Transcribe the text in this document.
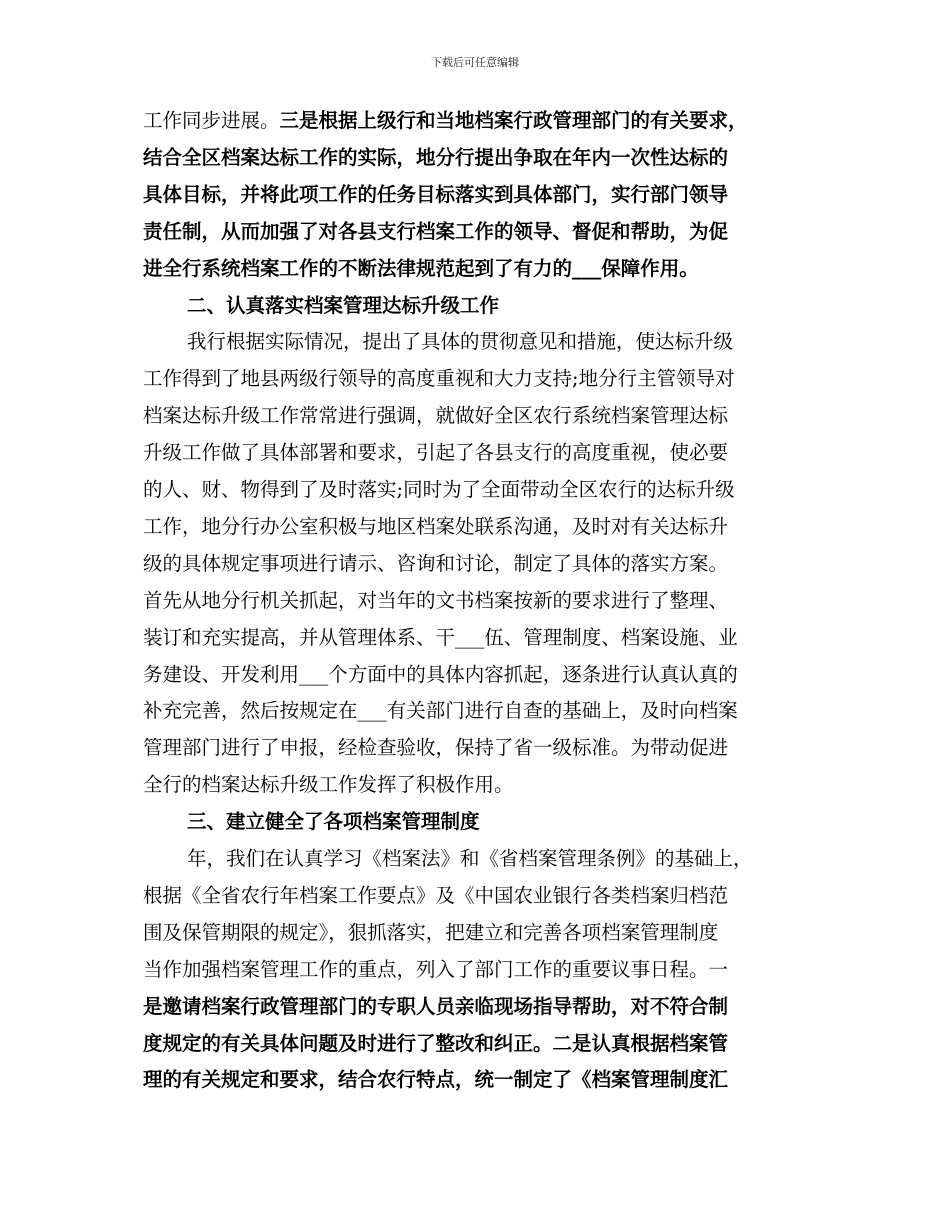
下载后可任意编辑
工作同步进展。三是根据上级行和当地档案行政管理部门的有关要求，
结合全区档案达标工作的实际，地分行提出争取在年内一次性达标的
具体目标，并将此项工作的任务目标落实到具体部门，实行部门领导
责任制，从而加强了对各县支行档案工作的领导、督促和帮助，为促
进全行系统档案工作的不断法律规范起到了有力的___保障作用。
二、认真落实档案管理达标升级工作
我行根据实际情况，提出了具体的贯彻意见和措施，使达标升级
工作得到了地县两级行领导的高度重视和大力支持;地分行主管领导对
档案达标升级工作常常进行强调，就做好全区农行系统档案管理达标
升级工作做了具体部署和要求，引起了各县支行的高度重视，使必要
的人、财、物得到了及时落实;同时为了全面带动全区农行的达标升级
工作，地分行办公室积极与地区档案处联系沟通，及时对有关达标升
级的具体规定事项进行请示、咨询和讨论，制定了具体的落实方案。
首先从地分行机关抓起，对当年的文书档案按新的要求进行了整理、
装订和充实提高，并从管理体系、干___伍、管理制度、档案设施、业
务建设、开发利用___个方面中的具体内容抓起，逐条进行认真认真的
补充完善，然后按规定在___有关部门进行自查的基础上，及时向档案
管理部门进行了申报，经检查验收，保持了省一级标准。为带动促进
全行的档案达标升级工作发挥了积极作用。
三、建立健全了各项档案管理制度
年，我们在认真学习《档案法》和《省档案管理条例》的基础上，
根据《全省农行年档案工作要点》及《中国农业银行各类档案归档范
围及保管期限的规定》，狠抓落实，把建立和完善各项档案管理制度
当作加强档案管理工作的重点，列入了部门工作的重要议事日程。一
是邀请档案行政管理部门的专职人员亲临现场指导帮助，对不符合制
度规定的有关具体问题及时进行了整改和纠正。二是认真根据档案管
理的有关规定和要求，结合农行特点，统一制定了《档案管理制度汇
